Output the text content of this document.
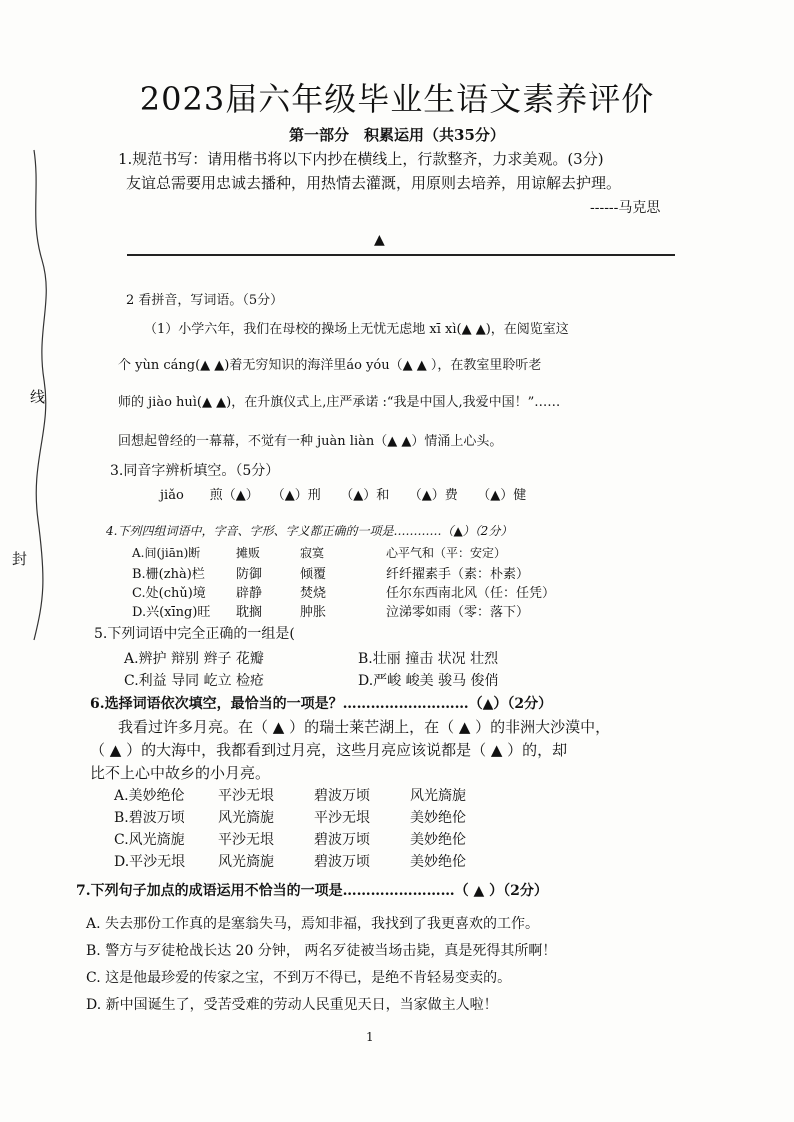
线
封
2023届六年级毕业生语文素养评价
第一部分　积累运用（共35分）
1.规范书写：请用楷书将以下内抄在横线上，行款整齐，力求美观。(3分)
友谊总需要用忠诚去播种，用热情去灌溉，用原则去培养，用谅解去护理。
------马克思
▲
2 看拼音，写词语。（5分）
（1）小学六年，我们在母校的操场上无忧无虑地 xī xì(▲ ▲)，在阅览室这
个 yùn cáng(▲ ▲)着无穷知识的海洋里áo yóu（▲ ▲ ），在教室里聆听老
师的 jiào huì(▲ ▲)，在升旗仪式上,庄严承诺 :“我是中国人,我爱中国！”……
回想起曾经的一幕幕，不觉有一种 juàn liàn（▲ ▲）情涌上心头。
3.同音字辨析填空。（5分）
jiǎo　　煎（▲）　　（▲）刑　　（▲）和　　（▲）费　　（▲）健
4.下列四组词语中，字音、字形、字义都正确的一项是…………（▲）（2分）
A.间(jiān)断	摊贩	寂寞	心平气和（平：安定）
B.栅(zhà)栏 防御	倾覆	纤纤擢素手（素：朴素）
C.处(chǔ)境 辟静	焚烧	任尔东西南北风（任：任凭）
D.兴(xīng)旺 耽搁	肿胀	泣涕零如雨（零：落下）
5.下列词语中完全正确的一组是(
A.辨护 辩别 辫子 花瓣	B.壮丽 撞击 状况 壮烈
C.利益 导同 屹立 检疮	D.严峻 峻美 骏马 俊俏
6.选择词语依次填空，最恰当的一项是？………………………（▲）（2分）
我看过许多月亮。在（ ▲ ）的瑞士莱芒湖上，在（ ▲ ）的非洲大沙漠中，
（ ▲ ）的大海中，我都看到过月亮，这些月亮应该说都是（ ▲ ）的，却
比不上心中故乡的小月亮。
A.美妙绝伦 平沙无垠	碧波万顷	风光旖旎
B.碧波万顷 风光旖旎	平沙无垠	美妙绝伦
C.风光旖旎 平沙无垠	碧波万顷	美妙绝伦
D.平沙无垠 风光旖旎	碧波万顷	美妙绝伦
7.下列句子加点的成语运用不恰当的一项是……………………（ ▲ ）（2分）
A. 失去那份工作真的是塞翁失马，焉知非福，我找到了我更喜欢的工作。
B. 警方与歹徒枪战长达 20 分钟， 两名歹徒被当场击毙，真是死得其所啊！
C. 这是他最珍爱的传家之宝，不到万不得已，是绝不肯轻易变卖的。
D. 新中国诞生了，受苦受难的劳动人民重见天日，当家做主人啦！
1
